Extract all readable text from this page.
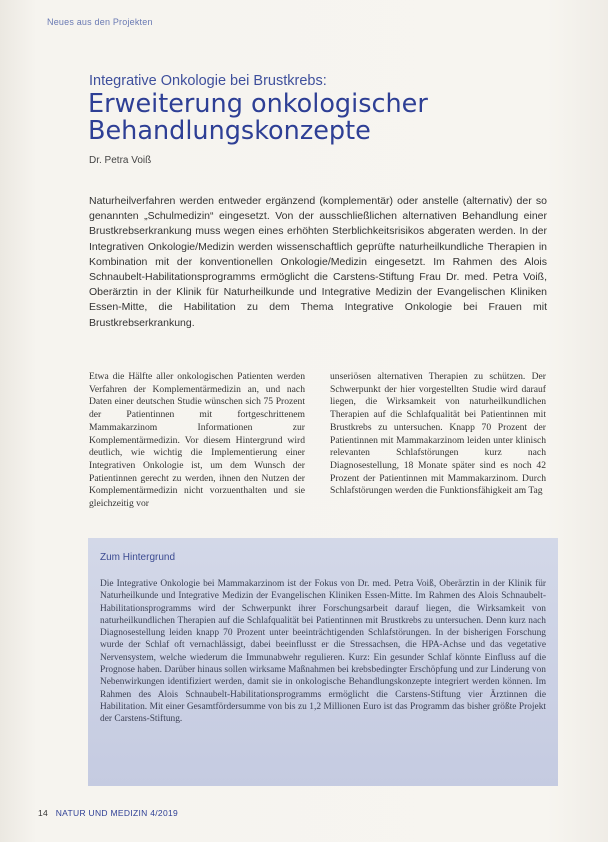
Neues aus den Projekten
Integrative Onkologie bei Brustkrebs:
Erweiterung onkologischer Behandlungskonzepte
Dr. Petra Voiß

Naturheilverfahren werden entweder ergänzend (komplementär) oder anstelle (alternativ) der so genannten „Schulmedizin“ eingesetzt. Von der ausschließlichen alternativen Behandlung einer Brustkrebserkrankung muss wegen eines erhöhten Sterblichkeitsrisikos abgeraten werden. In der Integrativen Onkologie/Medizin werden wissenschaftlich geprüfte naturheilkundliche Therapien in Kombination mit der konventionellen Onkologie/Medizin eingesetzt. Im Rahmen des Alois Schnaubelt-Habilitationsprogramms ermöglicht die Carstens-Stiftung Frau Dr. med. Petra Voiß, Oberärztin in der Klinik für Naturheilkunde und Integrative Medizin der Evangelischen Kliniken Essen-Mitte, die Habilitation zu dem Thema Integrative Onkologie bei Frauen mit Brustkrebserkrankung.

Etwa die Hälfte aller onkologischen Patienten werden Verfahren der Komplementärmedizin an, und nach Daten einer deutschen Studie wünschen sich 75 Prozent der Patientinnen mit fortgeschrittenem Mammakarzinom Informationen zur Komplementärmedizin. Vor diesem Hintergrund wird deutlich, wie wichtig die Implementierung einer Integrativen Onkologie ist, um dem Wunsch der Patientinnen gerecht zu werden, ihnen den Nutzen der Komplementärmedizin nicht vorzuenthalten und sie gleichzeitig vor

unseriösen alternativen Therapien zu schützen. Der Schwerpunkt der hier vorgestellten Studie wird darauf liegen, die Wirksamkeit von naturheilkundlichen Therapien auf die Schlafqualität bei Patientinnen mit Brustkrebs zu untersuchen. Knapp 70 Prozent der Patientinnen mit Mammakarzinom leiden unter klinisch relevanten Schlafstörungen kurz nach Diagnosestellung, 18 Monate später sind es noch 42 Prozent der Patientinnen mit Mammakarzinom. Durch Schlafstörungen werden die Funktionsfähigkeit am Tag

Zum Hintergrund

Die Integrative Onkologie bei Mammakarzinom ist der Fokus von Dr. med. Petra Voiß, Oberärztin in der Klinik für Naturheilkunde und Integrative Medizin der Evangelischen Kliniken Essen-Mitte. Im Rahmen des Alois Schnaubelt-Habilitationsprogramms wird der Schwerpunkt ihrer Forschungsarbeit darauf liegen, die Wirksamkeit von naturheilkundlichen Therapien auf die Schlafqualität bei Patientinnen mit Brustkrebs zu untersuchen. Denn kurz nach Diagnosestellung leiden knapp 70 Prozent unter beeinträchtigenden Schlafstörungen. In der bisherigen Forschung wurde der Schlaf oft vernachlässigt, dabei beeinflusst er die Stressachsen, die HPA-Achse und das vegetative Nervensystem, welche wiederum die Immunabwehr regulieren. Kurz: Ein gesunder Schlaf könnte Einfluss auf die Prognose haben. Darüber hinaus sollen wirksame Maßnahmen bei krebsbedingter Erschöpfung und zur Linderung von Nebenwirkungen identifiziert werden, damit sie in onkologische Behandlungskonzepte integriert werden können. Im Rahmen des Alois Schnaubelt-Habilitationsprogramms ermöglicht die Carstens-Stiftung vier Ärztinnen die Habilitation. Mit einer Gesamtfördersumme von bis zu 1,2 Millionen Euro ist das Programm das bisher größte Projekt der Carstens-Stiftung.

14 NATUR UND MEDIZIN 4/2019
